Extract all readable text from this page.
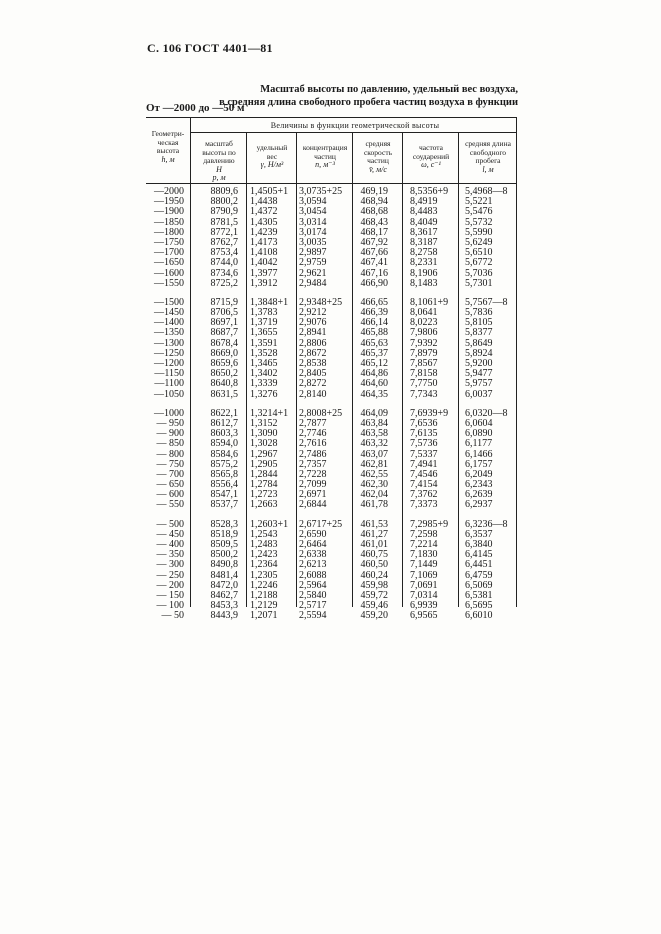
С. 106 ГОСТ 4401—81
Масштаб высоты по давлению, удельный вес воздуха,
в средняя длина свободного пробега частиц воздуха в функции
От —2000 до —50 м
Геометри-
ческая
высота
h, м
Величины в функции геометрической высоты
масштаб
высоты по
давлению
H
p, м
удельный
вес
γ, Н/м³
концентрация
частиц
n, м⁻³
средняя
скорость
частиц
v̄, м/с
частота
соударений
ω, с⁻¹
средняя длина
свободного
пробега
l, м
—2000
—1950
—1900
—1850
—1800
—1750
—1700
—1650
—1600
—1550
—1500
—1450
—1400
—1350
—1300
—1250
—1200
—1150
—1100
—1050
—1000
— 950
— 900
— 850
— 800
— 750
— 700
— 650
— 600
— 550
— 500
— 450
— 400
— 350
— 300
— 250
— 200
— 150
— 100
— 50
8809,6
8800,2
8790,9
8781,5
8772,1
8762,7
8753,4
8744,0
8734,6
8725,2
8715,9
8706,5
8697,1
8687,7
8678,4
8669,0
8659,6
8650,2
8640,8
8631,5
8622,1
8612,7
8603,3
8594,0
8584,6
8575,2
8565,8
8556,4
8547,1
8537,7
8528,3
8518,9
8509,5
8500,2
8490,8
8481,4
8472,0
8462,7
8453,3
8443,9
1,4505+1
1,4438
1,4372
1,4305
1,4239
1,4173
1,4108
1,4042
1,3977
1,3912
1,3848+1
1,3783
1,3719
1,3655
1,3591
1,3528
1,3465
1,3402
1,3339
1,3276
1,3214+1
1,3152
1,3090
1,3028
1,2967
1,2905
1,2844
1,2784
1,2723
1,2663
1,2603+1
1,2543
1,2483
1,2423
1,2364
1,2305
1,2246
1,2188
1,2129
1,2071
3,0735+25
3,0594
3,0454
3,0314
3,0174
3,0035
2,9897
2,9759
2,9621
2,9484
2,9348+25
2,9212
2,9076
2,8941
2,8806
2,8672
2,8538
2,8405
2,8272
2,8140
2,8008+25
2,7877
2,7746
2,7616
2,7486
2,7357
2,7228
2,7099
2,6971
2,6844
2,6717+25
2,6590
2,6464
2,6338
2,6213
2,6088
2,5964
2,5840
2,5717
2,5594
469,19
468,94
468,68
468,43
468,17
467,92
467,66
467,41
467,16
466,90
466,65
466,39
466,14
465,88
465,63
465,37
465,12
464,86
464,60
464,35
464,09
463,84
463,58
463,32
463,07
462,81
462,55
462,30
462,04
461,78
461,53
461,27
461,01
460,75
460,50
460,24
459,98
459,72
459,46
459,20
8,5356+9
8,4919
8,4483
8,4049
8,3617
8,3187
8,2758
8,2331
8,1906
8,1483
8,1061+9
8,0641
8,0223
7,9806
7,9392
7,8979
7,8567
7,8158
7,7750
7,7343
7,6939+9
7,6536
7,6135
7,5736
7,5337
7,4941
7,4546
7,4154
7,3762
7,3373
7,2985+9
7,2598
7,2214
7,1830
7,1449
7,1069
7,0691
7,0314
6,9939
6,9565
5,4968—8
5,5221
5,5476
5,5732
5,5990
5,6249
5,6510
5,6772
5,7036
5,7301
5,7567—8
5,7836
5,8105
5,8377
5,8649
5,8924
5,9200
5,9477
5,9757
6,0037
6,0320—8
6,0604
6,0890
6,1177
6,1466
6,1757
6,2049
6,2343
6,2639
6,2937
6,3236—8
6,3537
6,3840
6,4145
6,4451
6,4759
6,5069
6,5381
6,5695
6,6010
